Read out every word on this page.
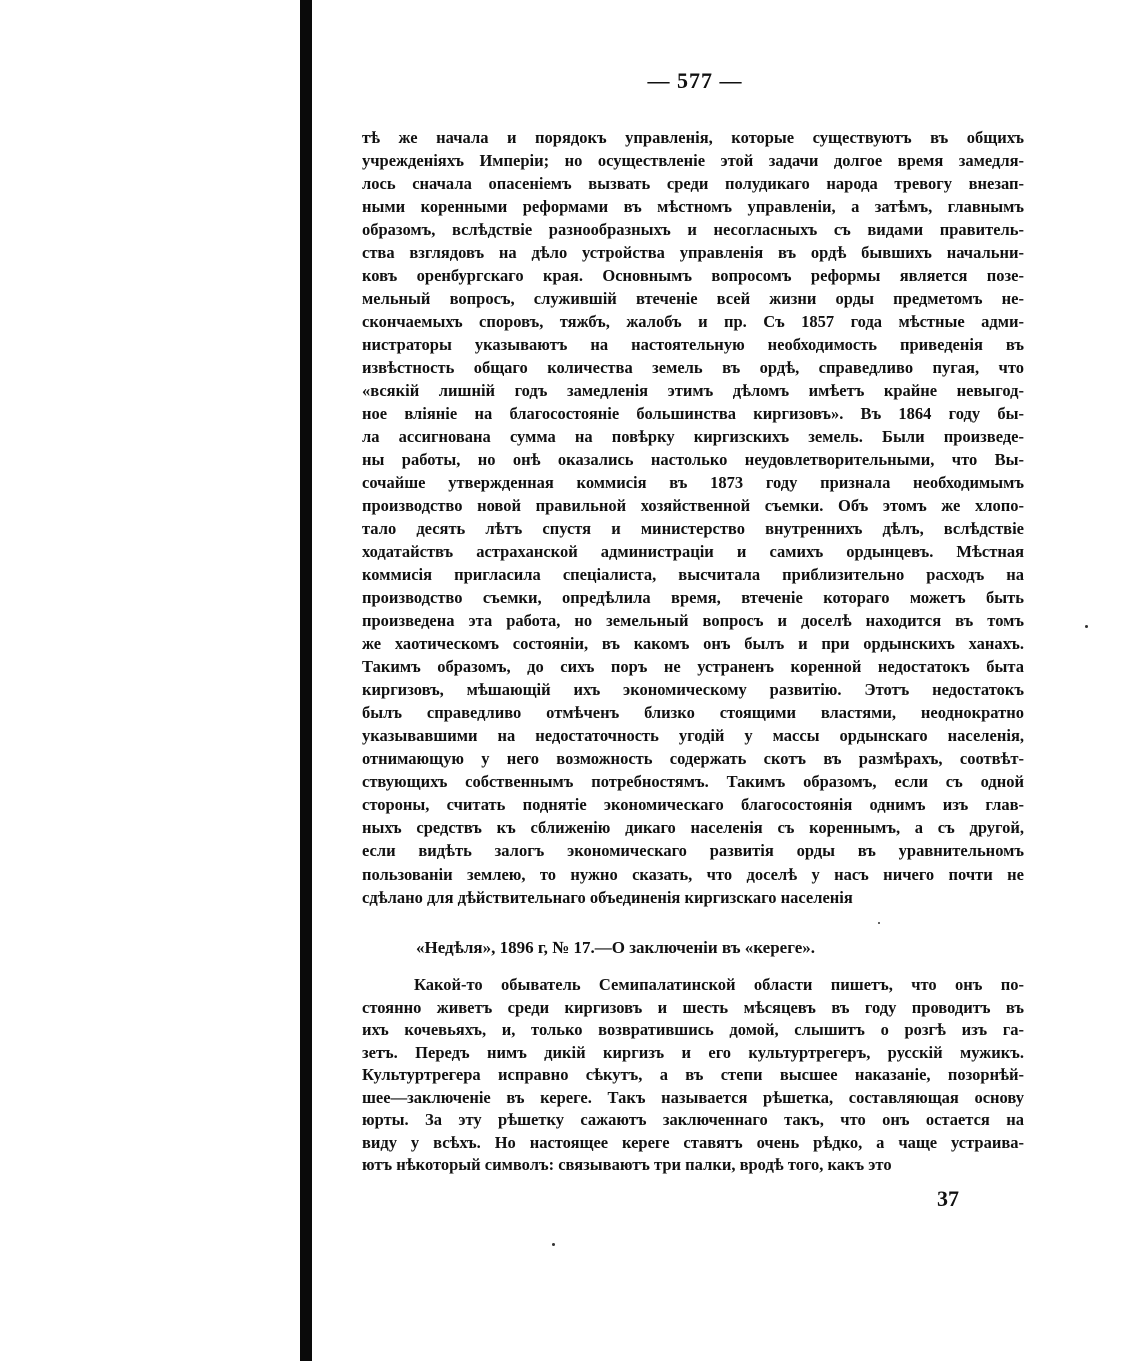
— 577 —
тѣ же начала и порядокъ управленія, которые существуютъ въ общихъ
учрежденіяхъ Имперіи; но осуществленіе этой задачи долгое время замедля-
лось сначала опасеніемъ вызвать среди полудикаго народа тревогу внезап-
ными коренными реформами въ мѣстномъ управленіи, а затѣмъ, главнымъ
образомъ, вслѣдствіе разнообразныхъ и несогласныхъ съ видами правитель-
ства взглядовъ на дѣло устройства управленія въ ордѣ бывшихъ начальни-
ковъ оренбургскаго края. Основнымъ вопросомъ реформы является позе-
мельный вопросъ, служившій втеченіе всей жизни орды предметомъ не-
скончаемыхъ споровъ, тяжбъ, жалобъ и пр. Съ 1857 года мѣстные адми-
нистраторы указываютъ на настоятельную необходимость приведенія въ
извѣстность общаго количества земель въ ордѣ, справедливо пугая, что
«всякій лишній годъ замедленія этимъ дѣломъ имѣетъ крайне невыгод-
ное вліяніе на благосостояніе большинства киргизовъ». Въ 1864 году бы-
ла ассигнована сумма на повѣрку киргизскихъ земель. Были произведе-
ны работы, но онѣ оказались настолько неудовлетворительными, что Вы-
сочайше утвержденная коммисія въ 1873 году признала необходимымъ
производство новой правильной хозяйственной съемки. Объ этомъ же хлопо-
тало десять лѣтъ спустя и министерство внутреннихъ дѣлъ, вслѣдствіе
ходатайствъ астраханской администраціи и самихъ ордынцевъ. Мѣстная
коммисія пригласила спеціалиста, высчитала приблизительно расходъ на
производство съемки, опредѣлила время, втеченіе котораго можетъ быть
произведена эта работа, но земельный вопросъ и доселѣ находится въ томъ
же хаотическомъ состояніи, въ какомъ онъ былъ и при ордынскихъ ханахъ.
Такимъ образомъ, до сихъ поръ не устраненъ коренной недостатокъ быта
киргизовъ, мѣшающій ихъ экономическому развитію. Этотъ недостатокъ
былъ справедливо отмѣченъ близко стоящими властями, неоднократно
указывавшими на недостаточность угодій у массы ордынскаго населенія,
отнимающую у него возможность содержать скотъ въ размѣрахъ, соотвѣт-
ствующихъ собственнымъ потребностямъ. Такимъ образомъ, если съ одной
стороны, считать поднятіе экономическаго благосостоянія однимъ изъ глав-
ныхъ средствъ къ сближенію дикаго населенія съ кореннымъ, а съ другой,
если видѣть залогъ экономическаго развитія орды въ уравнительномъ
пользованіи землею, то нужно сказать, что доселѣ у насъ ничего почти не
сдѣлано для дѣйствительнаго объединенія киргизскаго населенія
«Недѣля», 1896 г, № 17.—О заключеніи въ «кереге».
Какой-то обыватель Семипалатинской области пишетъ, что онъ по-
стоянно живетъ среди киргизовъ и шесть мѣсяцевъ въ году проводитъ въ
ихъ кочевьяхъ, и, только возвратившись домой, слышитъ о розгѣ изъ га-
зетъ. Передъ нимъ дикій киргизъ и его культуртрегеръ, русскій мужикъ.
Культуртрегера исправно сѣкутъ, а въ степи высшее наказаніе, позорнѣй-
шее—заключеніе въ кереге. Такъ называется рѣшетка, составляющая основу
юрты. За эту рѣшетку сажаютъ заключеннаго такъ, что онъ остается на
виду у всѣхъ. Но настоящее кереге ставятъ очень рѣдко, а чаще устраива-
ютъ нѣкоторый символъ: связываютъ три палки, вродѣ того, какъ это
37
